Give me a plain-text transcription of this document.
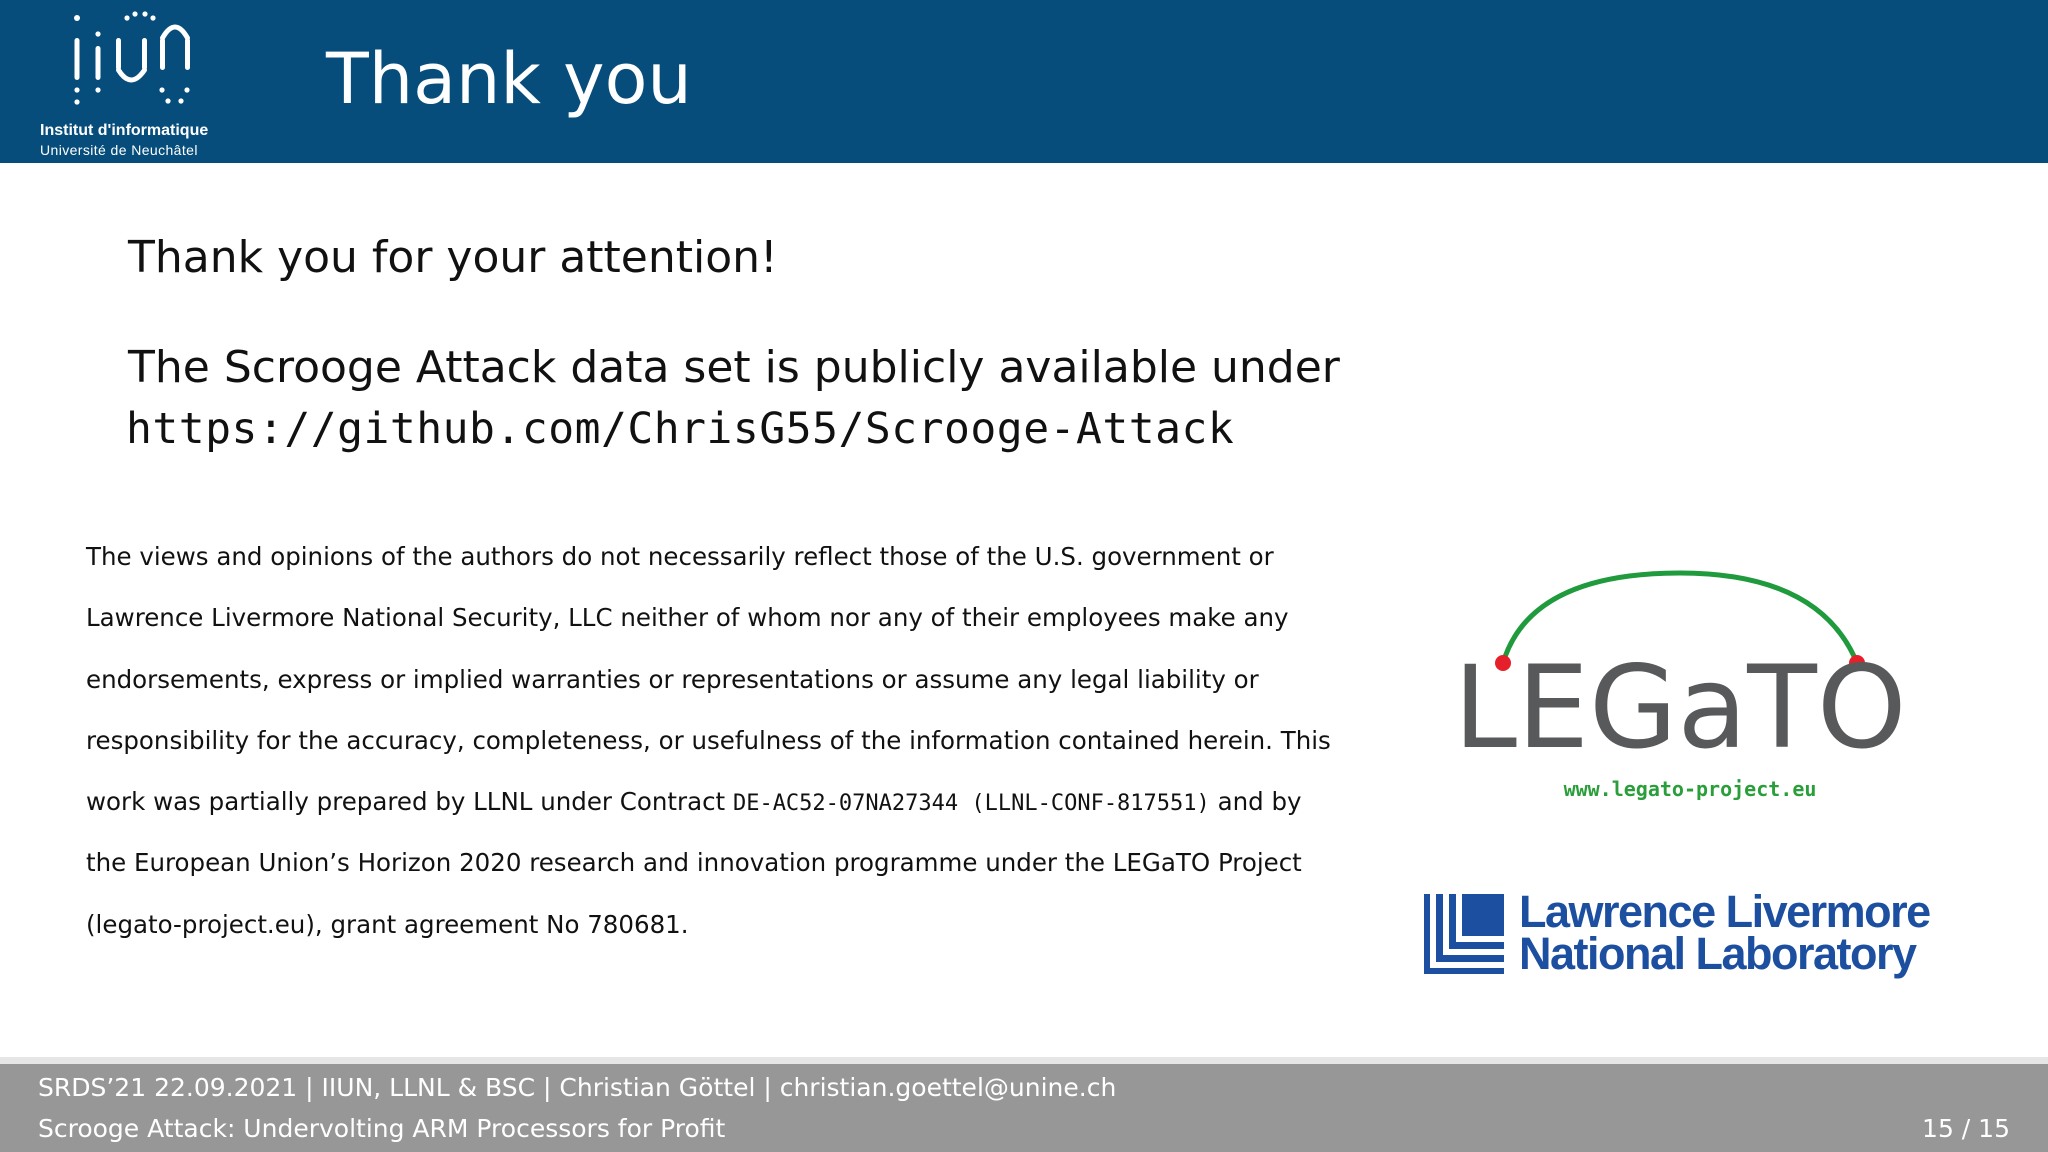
Institut d'informatique
Université de Neuchâtel
Thank you

Thank you for your attention!

The Scrooge Attack data set is publicly available under

https://github.com/ChrisG55/Scrooge-Attack

The views and opinions of the authors do not necessarily reflect those of the U.S. government or
Lawrence Livermore National Security, LLC neither of whom nor any of their employees make any
endorsements, express or implied warranties or representations or assume any legal liability or
responsibility for the accuracy, completeness, or usefulness of the information contained herein. This
work was partially prepared by LLNL under Contract DE-AC52-07NA27344 (LLNL-CONF-817551) and by
the European Union’s Horizon 2020 research and innovation programme under the LEGaTO Project
(legato-project.eu), grant agreement No 780681.
LEGaTO
www.legato-project.eu
Lawrence Livermore
National Laboratory
SRDS’21 22.09.2021 | IIUN, LLNL & BSC | Christian Göttel | christian.goettel@unine.ch
Scrooge Attack: Undervolting ARM Processors for Profit	15 / 15
